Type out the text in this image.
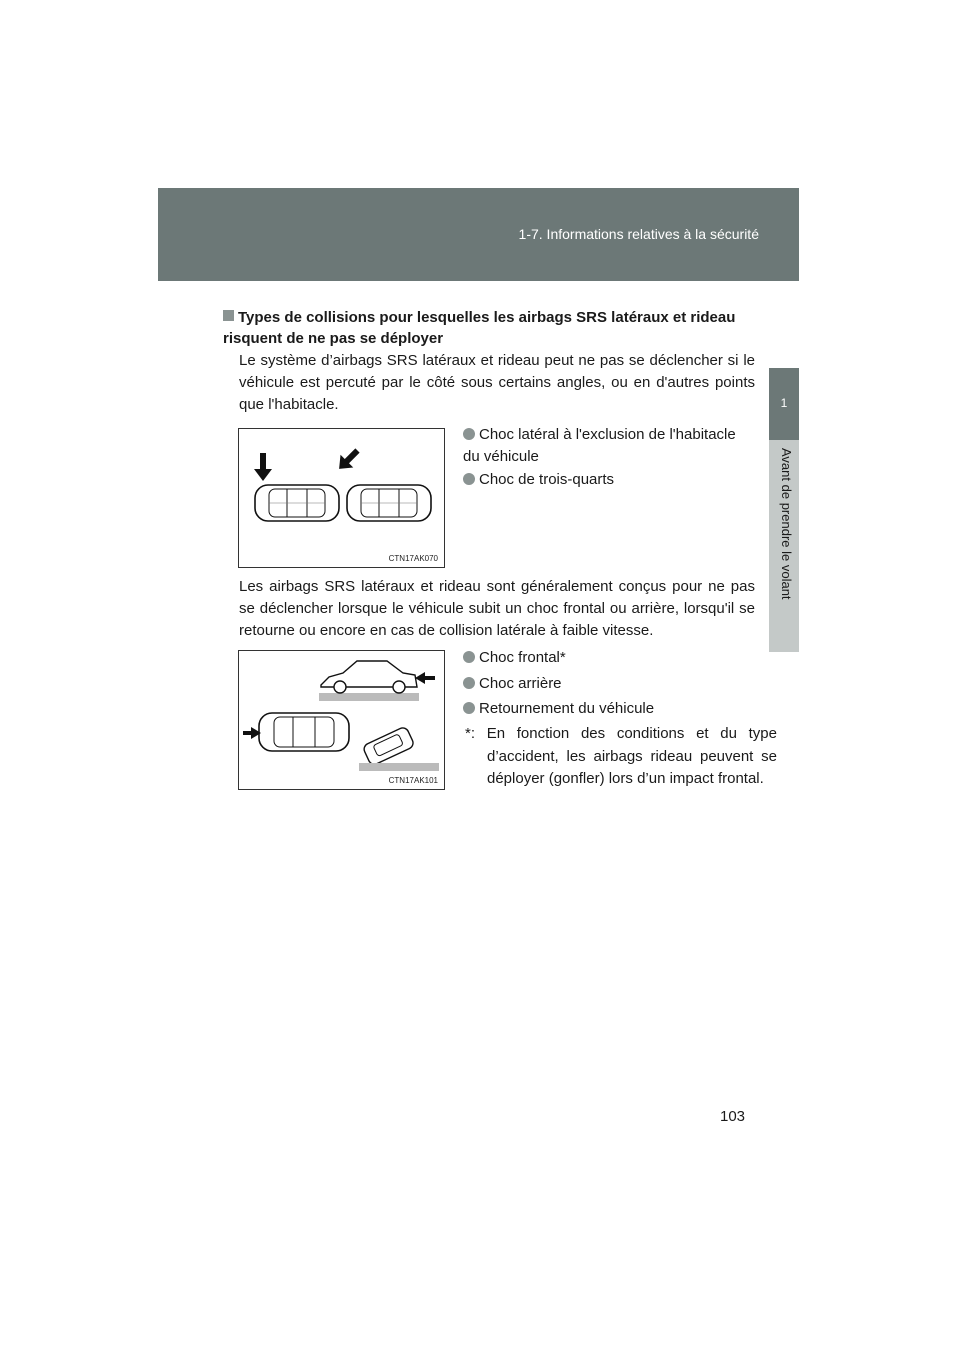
1-7. Informations relatives à la sécurité
1
Avant de prendre le volant
Types de collisions pour lesquelles les airbags SRS latéraux et rideau risquent de ne pas se déployer
Le système d’airbags SRS latéraux et rideau peut ne pas se déclencher si le véhicule est percuté par le côté sous certains angles, ou en d'autres points que l'habitacle.
CTN17AK070
Choc latéral à l'exclusion de l'habitacle du véhicule
Choc de trois-quarts
Les airbags SRS latéraux et rideau sont généralement conçus pour ne pas se déclencher lorsque le véhicule subit un choc frontal ou arrière, lorsqu'il se retourne ou encore en cas de collision latérale à faible vitesse.
CTN17AK101
Choc frontal*
Choc arrière
Retournement du véhicule
*: En fonction des conditions et du type d’accident, les airbags rideau peuvent se déployer (gonfler) lors d’un impact frontal.
103
